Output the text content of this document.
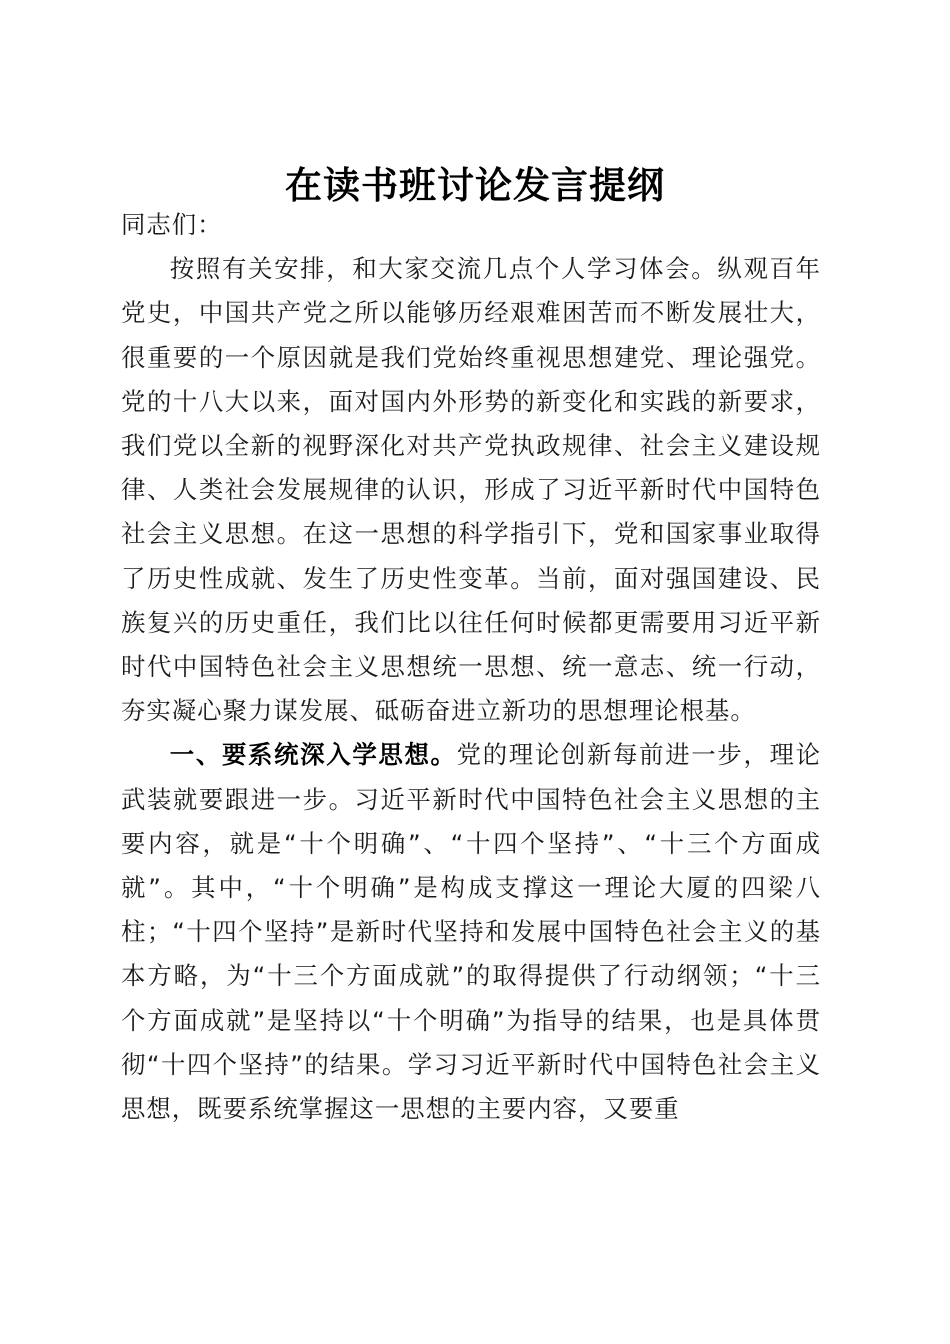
在读书班讨论发言提纲

同志们：

按照有关安排，和大家交流几点个人学习体会。纵观百年党史，中国共产党之所以能够历经艰难困苦而不断发展壮大，很重要的一个原因就是我们党始终重视思想建党、理论强党。党的十八大以来，面对国内外形势的新变化和实践的新要求，我们党以全新的视野深化对共产党执政规律、社会主义建设规律、人类社会发展规律的认识，形成了习近平新时代中国特色社会主义思想。在这一思想的科学指引下，党和国家事业取得了历史性成就、发生了历史性变革。当前，面对强国建设、民族复兴的历史重任，我们比以往任何时候都更需要用习近平新时代中国特色社会主义思想统一思想、统一意志、统一行动，夯实凝心聚力谋发展、砥砺奋进立新功的思想理论根基。

一、要系统深入学思想。党的理论创新每前进一步，理论武装就要跟进一步。习近平新时代中国特色社会主义思想的主要内容，就是“十个明确”、“十四个坚持”、“十三个方面成就”。其中，“十个明确”是构成支撑这一理论大厦的四梁八柱；“十四个坚持”是新时代坚持和发展中国特色社会主义的基本方略，为“十三个方面成就”的取得提供了行动纲领；“十三个方面成就”是坚持以“十个明确”为指导的结果，也是具体贯彻“十四个坚持”的结果。学习习近平新时代中国特色社会主义思想，既要系统掌握这一思想的主要内容，又要重
